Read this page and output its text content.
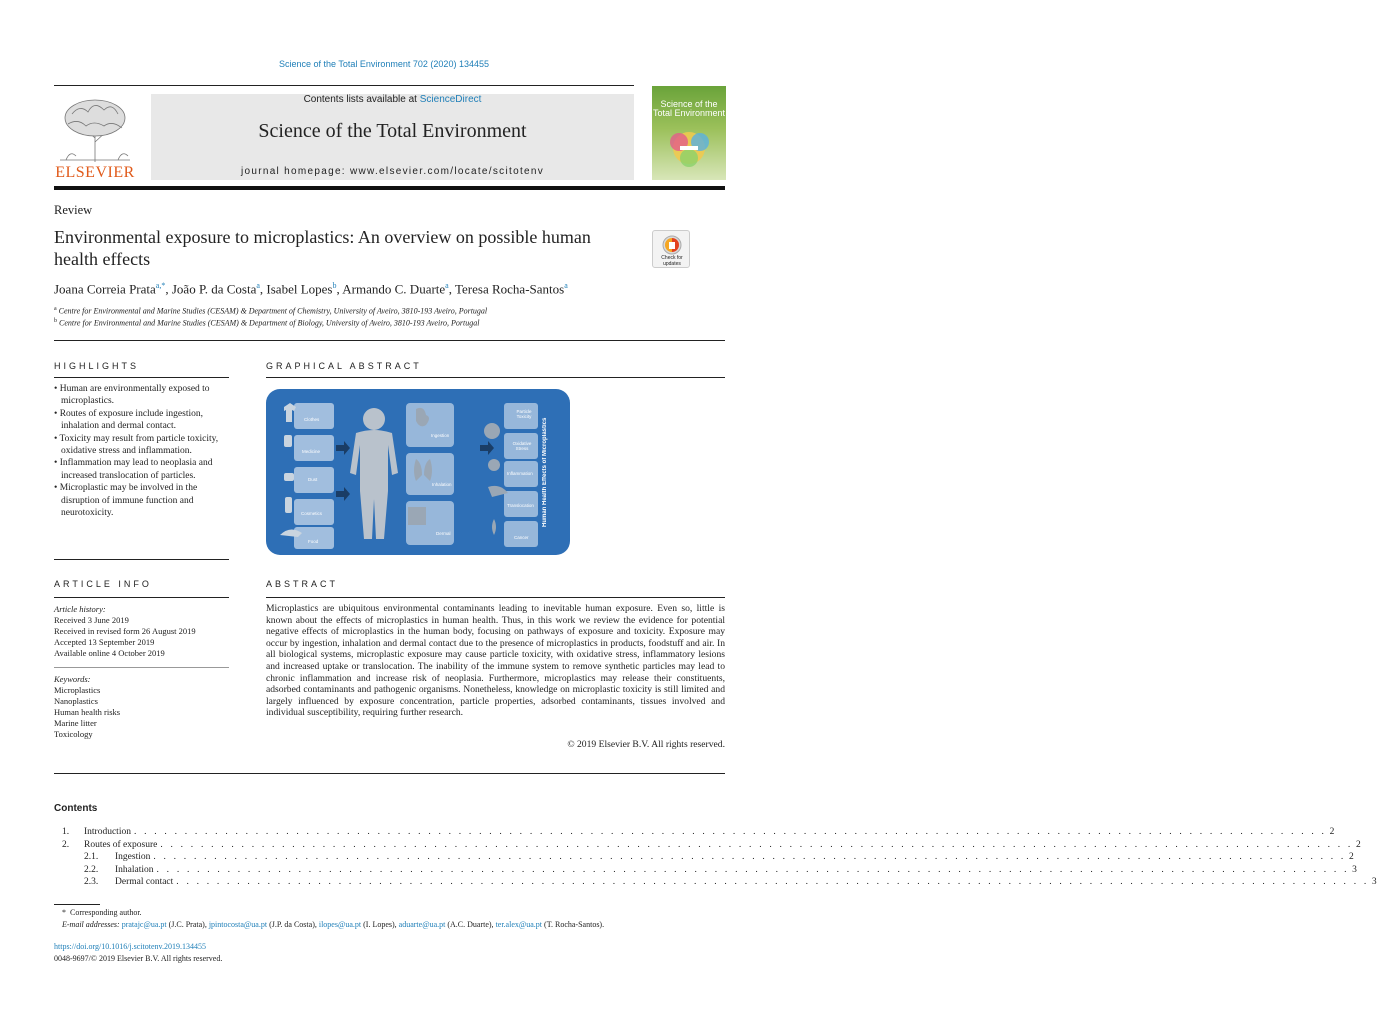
Science of the Total Environment 702 (2020) 134455
ELSEVIER
Contents lists available at ScienceDirect
Science of the Total Environment
journal homepage: www.elsevier.com/locate/scitotenv
Science of the Total Environment
Review
Environmental exposure to microplastics: An overview on possible human health effects	Check for updates
Joana Correia Prata$^{a,*}$, João P. da Costa$^a$, Isabel Lopes$^b$, Armando C. Duarte$^a$, Teresa Rocha-Santos$^a$
$^a$ Centre for Environmental and Marine Studies (CESAM) & Department of Chemistry, University of Aveiro, 3810-193 Aveiro, Portugal
$^b$ Centre for Environmental and Marine Studies (CESAM) & Department of Biology, University of Aveiro, 3810-193 Aveiro, Portugal
HIGHLIGHTS
• Human are environmentally exposed to microplastics.
• Routes of exposure include ingestion, inhalation and dermal contact.
• Toxicity may result from particle toxicity, oxidative stress and inflammation.
• Inflammation may lead to neoplasia and increased translocation of particles.
• Microplastic may be involved in the disruption of immune function and neurotoxicity.
GRAPHICAL ABSTRACT
Clothes
Medicine
Dust
Cosmetics
Food
Ingestion
Inhalation
Dermal
Particle Toxicity
Oxidative Stress
Inflammation
Translocation
Cancer
Human Health Effects of Microplastics
ARTICLE INFO
Article history:
Received 3 June 2019
Received in revised form 26 August 2019
Accepted 13 September 2019
Available online 4 October 2019
Keywords:
Microplastics
Nanoplastics
Human health risks
Marine litter
Toxicology
ABSTRACT
Microplastics are ubiquitous environmental contaminants leading to inevitable human exposure. Even so, little is known about the effects of microplastics in human health. Thus, in this work we review the evidence for potential negative effects of microplastics in the human body, focusing on pathways of exposure and toxicity. Exposure may occur by ingestion, inhalation and dermal contact due to the presence of microplastics in products, foodstuff and air. In all biological systems, microplastic exposure may cause particle toxicity, with oxidative stress, inflammatory lesions and increased uptake or translocation. The inability of the immune system to remove synthetic particles may lead to chronic inflammation and increase risk of neoplasia. Furthermore, microplastics may release their constituents, adsorbed contaminants and pathogenic organisms. Nonetheless, knowledge on microplastic toxicity is still limited and largely influenced by exposure concentration, particle properties, adsorbed contaminants, tissues involved and individual susceptibility, requiring further research.
© 2019 Elsevier B.V. All rights reserved.
Contents
1.	Introduction . . . . . . . . . . . . . . . . . . . . . . . . . . . . . . . . . . . . . . . . . . . . . . . . . . . . . . . . . . . . . . . . . . . . . . . . . . . . . . . . . . . . . . . . . . . . . . . . . . . . . . . . . . . . . . . . . . . . . . 2
2.	Routes of exposure . . . . . . . . . . . . . . . . . . . . . . . . . . . . . . . . . . . . . . . . . . . . . . . . . . . . . . . . . . . . . . . . . . . . . . . . . . . . . . . . . . . . . . . . . . . . . . . . . . . . . . . . . . . . . . . . . . . . . . 2
2.1.	Ingestion . . . . . . . . . . . . . . . . . . . . . . . . . . . . . . . . . . . . . . . . . . . . . . . . . . . . . . . . . . . . . . . . . . . . . . . . . . . . . . . . . . . . . . . . . . . . . . . . . . . . . . . . . . . . . . . . . . . . . . 2
2.2.	Inhalation . . . . . . . . . . . . . . . . . . . . . . . . . . . . . . . . . . . . . . . . . . . . . . . . . . . . . . . . . . . . . . . . . . . . . . . . . . . . . . . . . . . . . . . . . . . . . . . . . . . . . . . . . . . . . . . . . . . . . . 3
2.3.	Dermal contact . . . . . . . . . . . . . . . . . . . . . . . . . . . . . . . . . . . . . . . . . . . . . . . . . . . . . . . . . . . . . . . . . . . . . . . . . . . . . . . . . . . . . . . . . . . . . . . . . . . . . . . . . . . . . . . . . . . . . . 3
* Corresponding author.
E-mail addresses: pratajc@ua.pt (J.C. Prata), jpintocosta@ua.pt (J.P. da Costa), ilopes@ua.pt (I. Lopes), aduarte@ua.pt (A.C. Duarte), ter.alex@ua.pt (T. Rocha-Santos).
https://doi.org/10.1016/j.scitotenv.2019.134455
0048-9697/© 2019 Elsevier B.V. All rights reserved.
